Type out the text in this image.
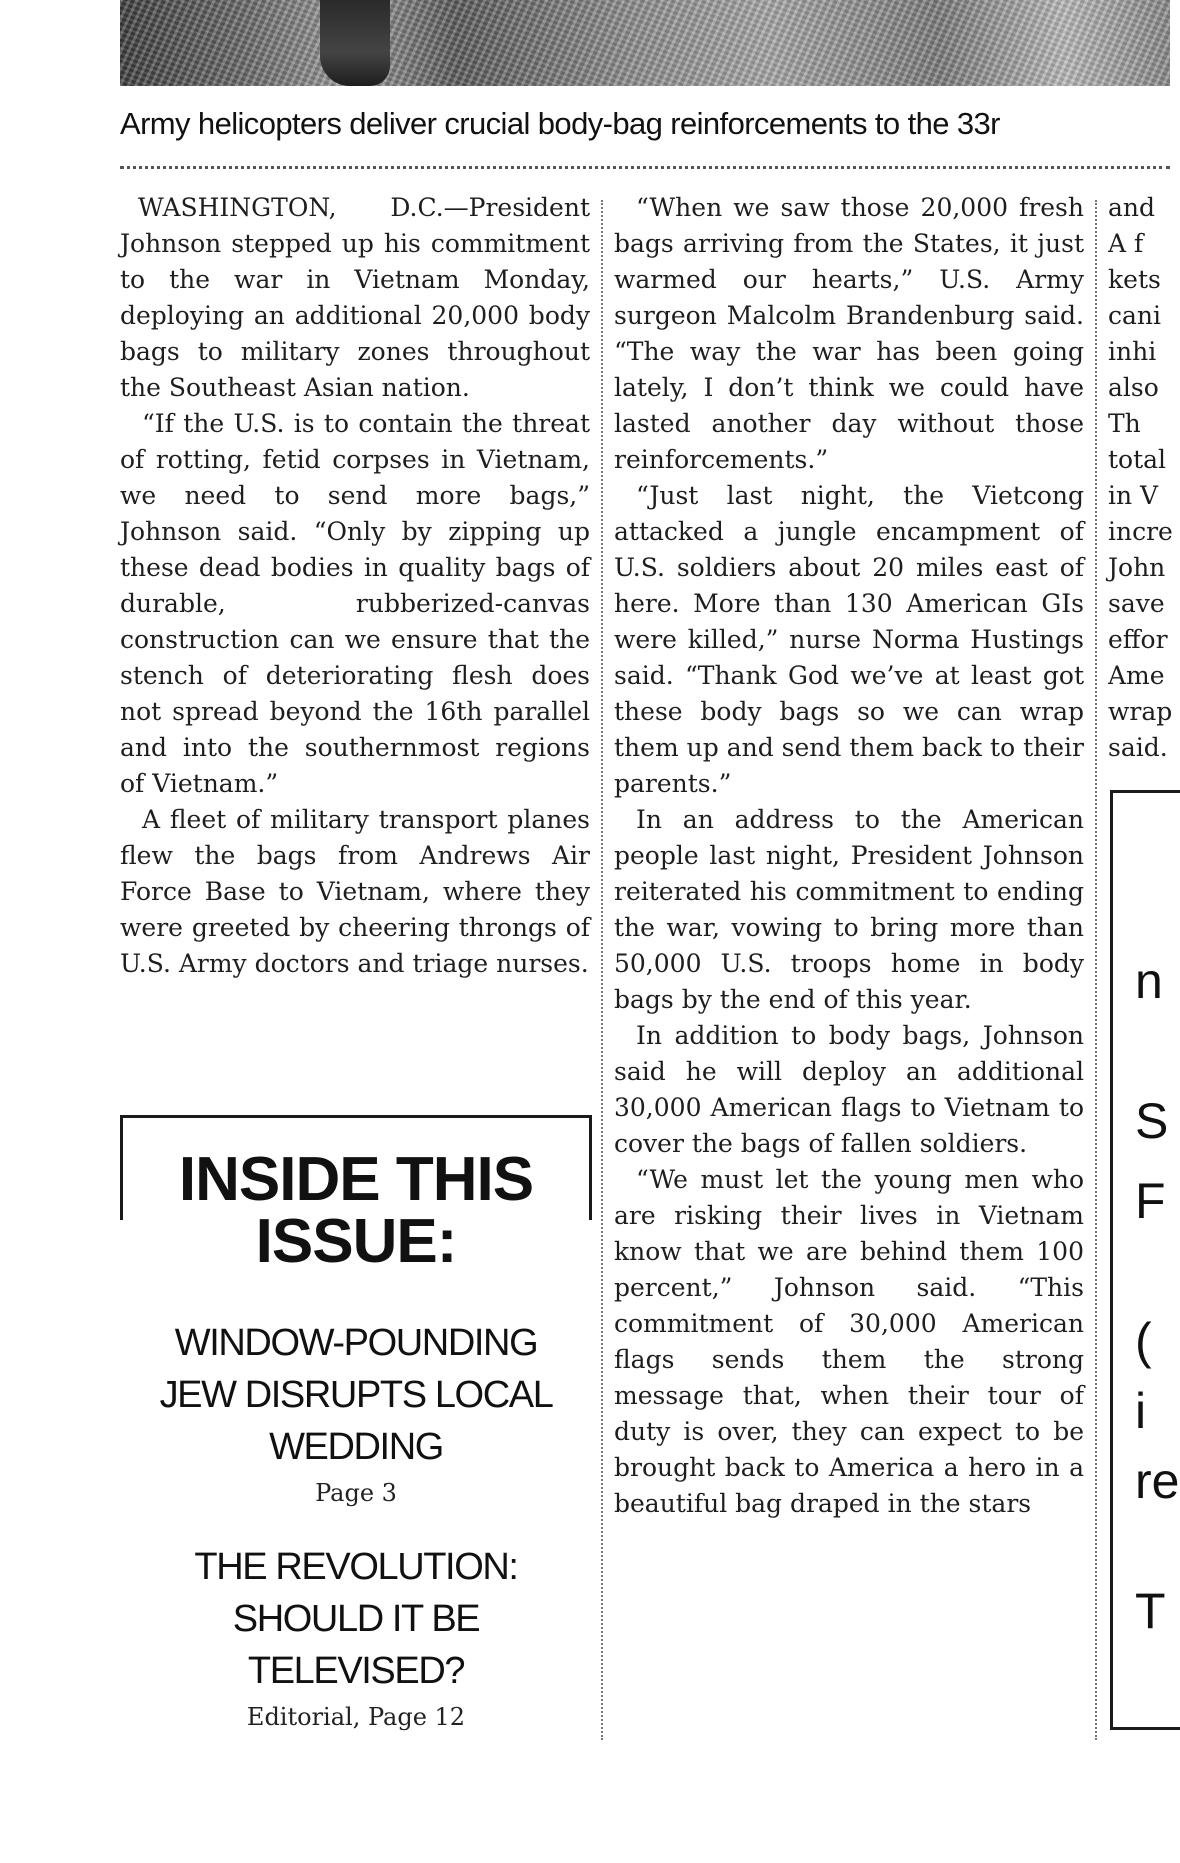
Army helicopters deliver crucial body-bag reinforcements to the 33r

WASHINGTON, D.C.—President Johnson stepped up his commitment to the war in Vietnam Monday, deploying an additional 20,000 body bags to military zones throughout the Southeast Asian nation.

“If the U.S. is to contain the threat of rotting, fetid corpses in Vietnam, we need to send more bags,” Johnson said. “Only by zipping up these dead bodies in quality bags of durable, rubberized-canvas construction can we ensure that the stench of deteriorating flesh does not spread beyond the 16th parallel and into the southernmost regions of Vietnam.”

A fleet of military transport planes flew the bags from Andrews Air Force Base to Vietnam, where they were greeted by cheering throngs of U.S. Army doctors and triage nurses.

“When we saw those 20,000 fresh bags arriving from the States, it just warmed our hearts,” U.S. Army surgeon Malcolm Brandenburg said. “The way the war has been going lately, I don’t think we could have lasted another day without those reinforcements.”

“Just last night, the Vietcong attacked a jungle encampment of U.S. soldiers about 20 miles east of here. More than 130 American GIs were killed,” nurse Norma Hustings said. “Thank God we’ve at least got these body bags so we can wrap them up and send them back to their parents.”

In an address to the American people last night, President Johnson reiterated his commitment to ending the war, vowing to bring more than 50,000 U.S. troops home in body bags by the end of this year.

In addition to body bags, Johnson said he will deploy an additional 30,000 American flags to Vietnam to cover the bags of fallen soldiers.

“We must let the young men who are risking their lives in Vietnam know that we are behind them 100 percent,” Johnson said. “This commitment of 30,000 American flags sends them the strong message that, when their tour of duty is over, they can expect to be brought back to America a hero in a beautiful bag draped in the stars

and

A f

kets

cani

inhi

also

Th

total

in V

incre

John

save

effor

Ame

wrap

said.

INSIDE THIS
ISSUE:
WINDOW-POUNDING
JEW DISRUPTS LOCAL
WEDDING
Page 3
THE REVOLUTION:
SHOULD IT BE
TELEVISED?
Editorial, Page 12
n
S
F
(
i
re
T
